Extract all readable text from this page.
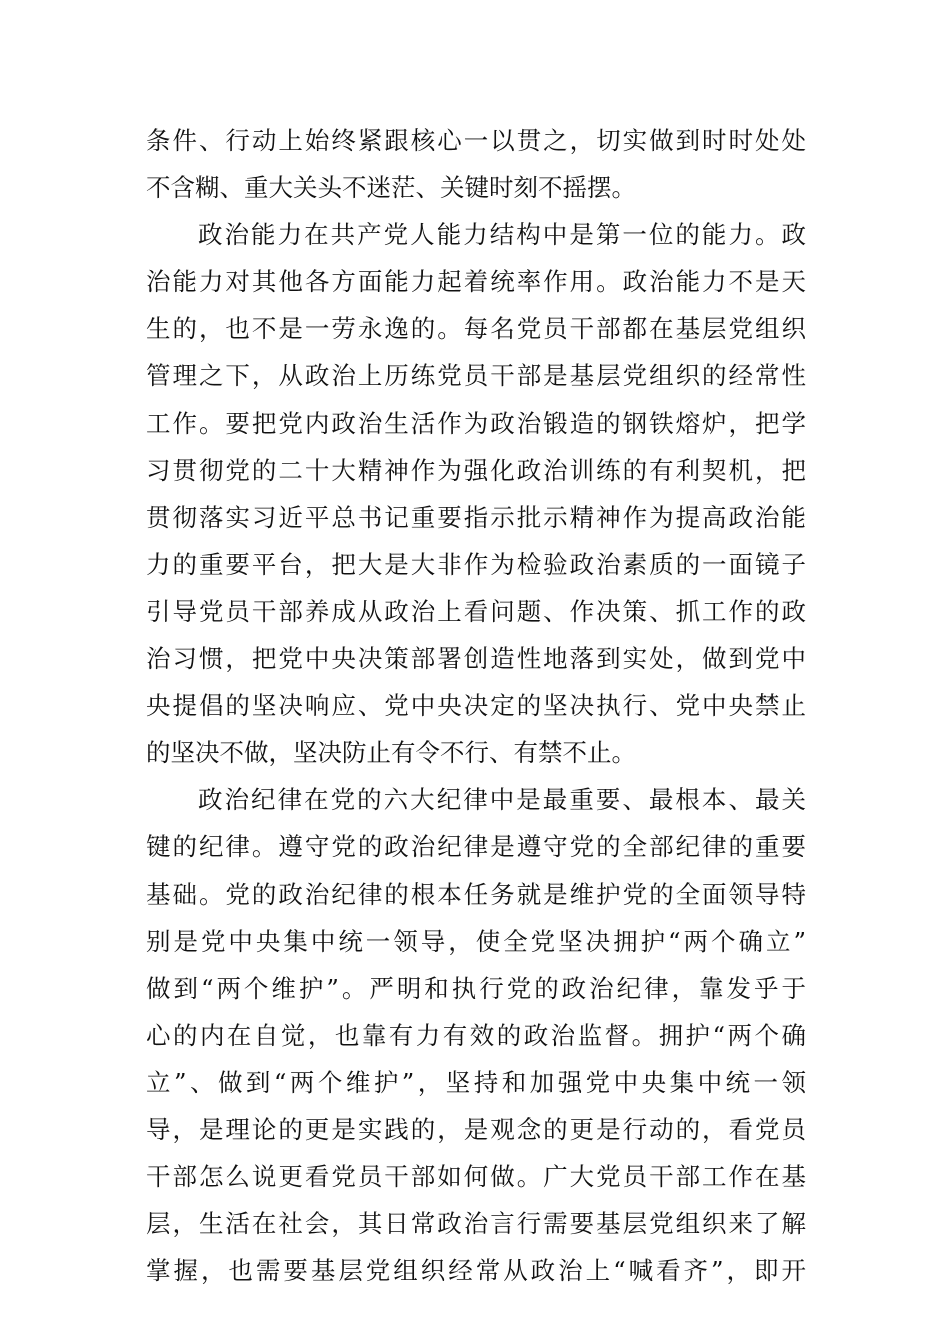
条件、行动上始终紧跟核心一以贯之，切实做到时时处处
不含糊、重大关头不迷茫、关键时刻不摇摆。
政治能力在共产党人能力结构中是第一位的能力。政
治能力对其他各方面能力起着统率作用。政治能力不是天
生的，也不是一劳永逸的。每名党员干部都在基层党组织
管理之下，从政治上历练党员干部是基层党组织的经常性
工作。要把党内政治生活作为政治锻造的钢铁熔炉，把学
习贯彻党的二十大精神作为强化政治训练的有利契机，把
贯彻落实习近平总书记重要指示批示精神作为提高政治能
力的重要平台，把大是大非作为检验政治素质的一面镜子
引导党员干部养成从政治上看问题、作决策、抓工作的政
治习惯，把党中央决策部署创造性地落到实处，做到党中
央提倡的坚决响应、党中央决定的坚决执行、党中央禁止
的坚决不做，坚决防止有令不行、有禁不止。
政治纪律在党的六大纪律中是最重要、最根本、最关
键的纪律。遵守党的政治纪律是遵守党的全部纪律的重要
基础。党的政治纪律的根本任务就是维护党的全面领导特
别是党中央集中统一领导，使全党坚决拥护“两个确立”
做到“两个维护”。严明和执行党的政治纪律，靠发乎于
心的内在自觉，也靠有力有效的政治监督。拥护“两个确
立”、做到“两个维护”，坚持和加强党中央集中统一领
导，是理论的更是实践的，是观念的更是行动的，看党员
干部怎么说更看党员干部如何做。广大党员干部工作在基
层，生活在社会，其日常政治言行需要基层党组织来了解
掌握，也需要基层党组织经常从政治上“喊看齐”，即开
